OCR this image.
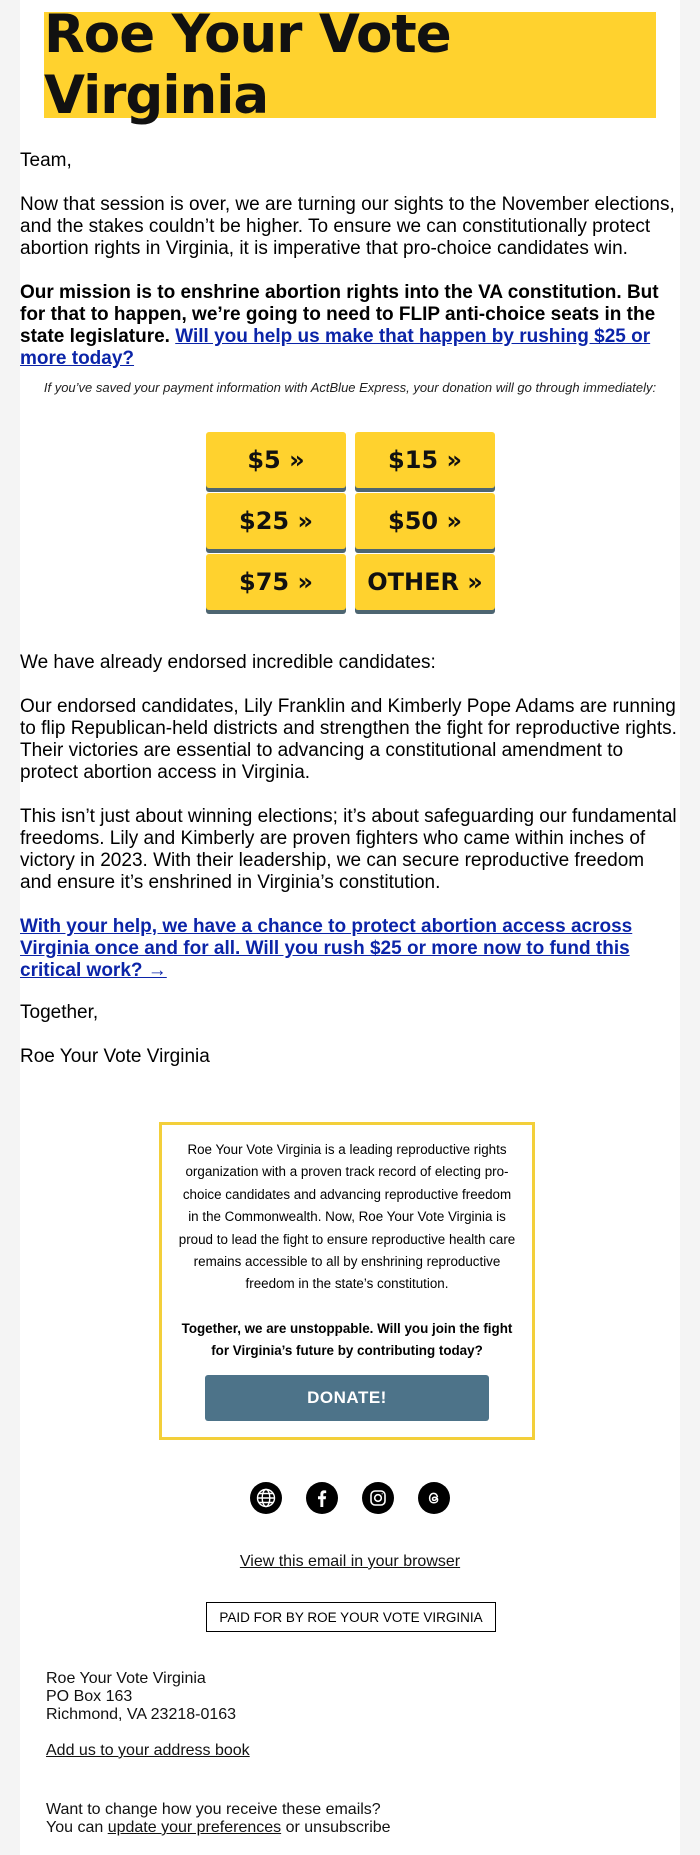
Roe Your Vote Virginia

Team,

Now that session is over, we are turning our sights to the November elections, and the stakes couldn’t be higher. To ensure we can constitutionally protect abortion rights in Virginia, it is imperative that pro-choice candidates win.

Our mission is to enshrine abortion rights into the VA constitution. But for that to happen, we’re going to need to FLIP anti-choice seats in the state legislature. Will you help us make that happen by rushing $25 or more today?

If you’ve saved your payment information with ActBlue Express, your donation will go through immediately:
$5 »	$15 »
$25 »	$50 »
$75 »	OTHER »

We have already endorsed incredible candidates:

Our endorsed candidates, Lily Franklin and Kimberly Pope Adams are running to flip Republican-held districts and strengthen the fight for reproductive rights. Their victories are essential to advancing a constitutional amendment to protect abortion access in Virginia.

This isn’t just about winning elections; it’s about safeguarding our fundamental freedoms. Lily and Kimberly are proven fighters who came within inches of victory in 2023. With their leadership, we can secure reproductive freedom and ensure it’s enshrined in Virginia’s constitution.

With your help, we have a chance to protect abortion access across Virginia once and for all. Will you rush $25 or more now to fund this critical work? →

Together,

Roe Your Vote Virginia

Roe Your Vote Virginia is a leading reproductive rights organization with a proven track record of electing pro-choice candidates and advancing reproductive freedom in the Commonwealth. Now, Roe Your Vote Virginia is proud to lead the fight to ensure reproductive health care remains accessible to all by enshrining reproductive freedom in the state’s constitution.

Together, we are unstoppable. Will you join the fight for Virginia’s future by contributing today?

DONATE!
View this email in your browser
PAID FOR BY ROE YOUR VOTE VIRGINIA
Roe Your Vote Virginia
PO Box 163
Richmond, VA 23218-0163
Add us to your address book
Want to change how you receive these emails?
You can update your preferences or unsubscribe
